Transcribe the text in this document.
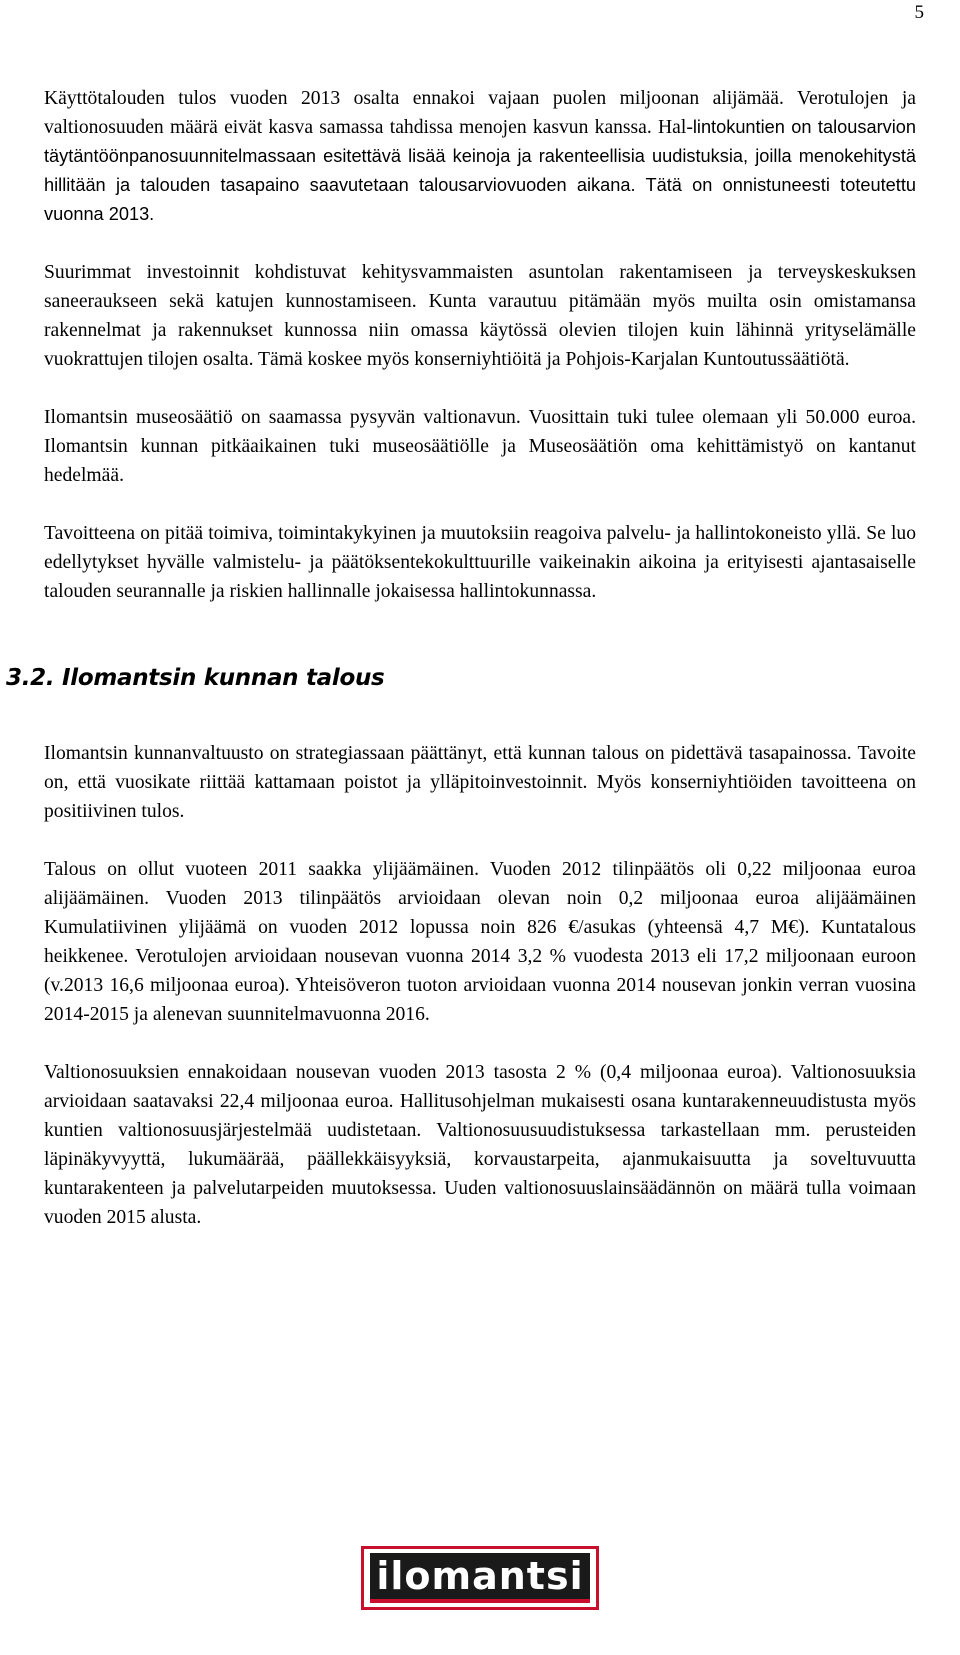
5

Käyttötalouden tulos vuoden 2013 osalta ennakoi vajaan puolen miljoonan alijämää. Verotulojen ja valtionosuuden määrä eivät kasva samassa tahdissa menojen kasvun kanssa. Hal-lintokuntien on talousarvion täytäntöönpanosuunnitelmassaan esitettävä lisää keinoja ja rakenteellisia uudistuksia, joilla menokehitystä hillitään ja talouden tasapaino saavutetaan talousarviovuoden aikana. Tätä on onnistuneesti toteutettu vuonna 2013.

Suurimmat investoinnit kohdistuvat kehitysvammaisten asuntolan rakentamiseen ja terveyskeskuksen saneeraukseen sekä katujen kunnostamiseen. Kunta varautuu pitämään myös muilta osin omistamansa rakennelmat ja rakennukset kunnossa niin omassa käytössä olevien tilojen kuin lähinnä yrityselämälle vuokrattujen tilojen osalta. Tämä koskee myös konserniyhtiöitä ja Pohjois-Karjalan Kuntoutussäätiötä.

Ilomantsin museosäätiö on saamassa pysyvän valtionavun. Vuosittain tuki tulee olemaan yli 50.000 euroa. Ilomantsin kunnan pitkäaikainen tuki museosäätiölle ja Museosäätiön oma kehittämistyö on kantanut hedelmää.

Tavoitteena on pitää toimiva, toimintakykyinen ja muutoksiin reagoiva palvelu- ja hallintokoneisto yllä. Se luo edellytykset hyvälle valmistelu- ja päätöksentekokulttuurille vaikeinakin aikoina ja erityisesti ajantasaiselle talouden seurannalle ja riskien hallinnalle jokaisessa hallintokunnassa.

3.2. Ilomantsin kunnan talous

Ilomantsin kunnanvaltuusto on strategiassaan päättänyt, että kunnan talous on pidettävä tasapainossa. Tavoite on, että vuosikate riittää kattamaan poistot ja ylläpitoinvestoinnit. Myös konserniyhtiöiden tavoitteena on positiivinen tulos.

Talous on ollut vuoteen 2011 saakka ylijäämäinen. Vuoden 2012 tilinpäätös oli 0,22 miljoonaa euroa alijäämäinen. Vuoden 2013 tilinpäätös arvioidaan olevan noin 0,2 miljoonaa euroa alijäämäinen Kumulatiivinen ylijäämä on vuoden 2012 lopussa noin 826 €/asukas (yhteensä 4,7 M€). Kuntatalous heikkenee. Verotulojen arvioidaan nousevan vuonna 2014 3,2 % vuodesta 2013 eli 17,2 miljoonaan euroon (v.2013 16,6 miljoonaa euroa). Yhteisöveron tuoton arvioidaan vuonna 2014 nousevan jonkin verran vuosina 2014-2015 ja alenevan suunnitelmavuonna 2016.

Valtionosuuksien ennakoidaan nousevan vuoden 2013 tasosta 2 % (0,4 miljoonaa euroa). Valtionosuuksia arvioidaan saatavaksi 22,4 miljoonaa euroa. Hallitusohjelman mukaisesti osana kuntarakenneuudistusta myös kuntien valtionosuusjärjestelmää uudistetaan. Valtionosuusuudistuksessa tarkastellaan mm. perusteiden läpinäkyvyyttä, lukumäärää, päällekkäisyyksiä, korvaustarpeita, ajanmukaisuutta ja soveltuvuutta kuntarakenteen ja palvelutarpeiden muutoksessa. Uuden valtionosuuslainsäädännön on määrä tulla voimaan vuoden 2015 alusta.

ilomantsi
